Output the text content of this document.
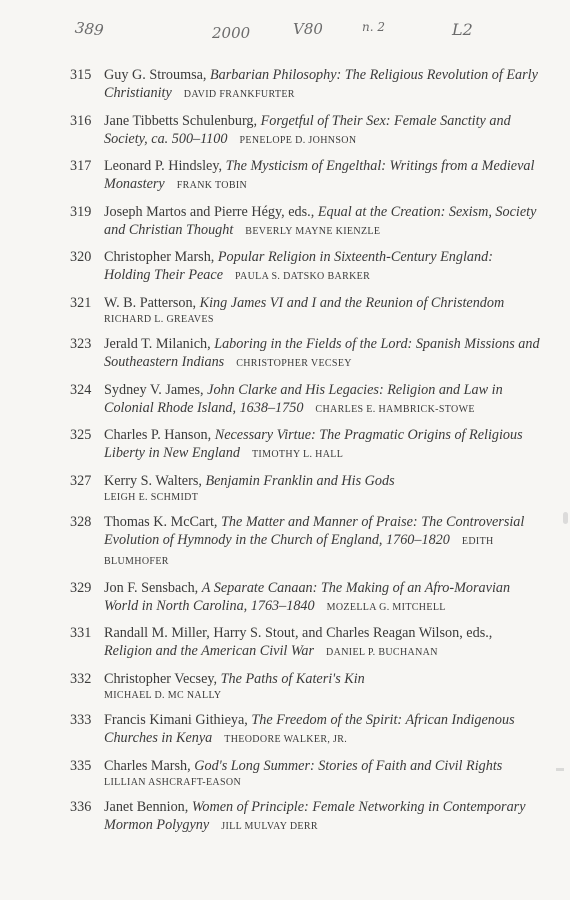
389	2000	V80	n. 2	L2
315 Guy G. Stroumsa, Barbarian Philosophy: The Religious Revolution of Early Christianity DAVID FRANKFURTER
316 Jane Tibbetts Schulenburg, Forgetful of Their Sex: Female Sanctity and Society, ca. 500–1100 PENELOPE D. JOHNSON
317 Leonard P. Hindsley, The Mysticism of Engelthal: Writings from a Medieval Monastery FRANK TOBIN
319 Joseph Martos and Pierre Hégy, eds., Equal at the Creation: Sexism, Society and Christian Thought BEVERLY MAYNE KIENZLE
320 Christopher Marsh, Popular Religion in Sixteenth-Century England: Holding Their Peace PAULA S. DATSKO BARKER
321 W. B. Patterson, King James VI and I and the Reunion of Christendom
RICHARD L. GREAVES
323 Jerald T. Milanich, Laboring in the Fields of the Lord: Spanish Missions and Southeastern Indians CHRISTOPHER VECSEY
324 Sydney V. James, John Clarke and His Legacies: Religion and Law in Colonial Rhode Island, 1638–1750 CHARLES E. HAMBRICK-STOWE
325 Charles P. Hanson, Necessary Virtue: The Pragmatic Origins of Religious Liberty in New England TIMOTHY L. HALL
327 Kerry S. Walters, Benjamin Franklin and His Gods
LEIGH E. SCHMIDT
328 Thomas K. McCart, The Matter and Manner of Praise: The Controversial Evolution of Hymnody in the Church of England, 1760–1820 EDITH BLUMHOFER
329 Jon F. Sensbach, A Separate Canaan: The Making of an Afro-Moravian World in North Carolina, 1763–1840 MOZELLA G. MITCHELL
331 Randall M. Miller, Harry S. Stout, and Charles Reagan Wilson, eds., Religion and the American Civil War DANIEL P. BUCHANAN
332 Christopher Vecsey, The Paths of Kateri's Kin
MICHAEL D. MC NALLY
333 Francis Kimani Githieya, The Freedom of the Spirit: African Indigenous Churches in Kenya THEODORE WALKER, JR.
335 Charles Marsh, God's Long Summer: Stories of Faith and Civil Rights
LILLIAN ASHCRAFT-EASON
336 Janet Bennion, Women of Principle: Female Networking in Contemporary Mormon Polygyny JILL MULVAY DERR
